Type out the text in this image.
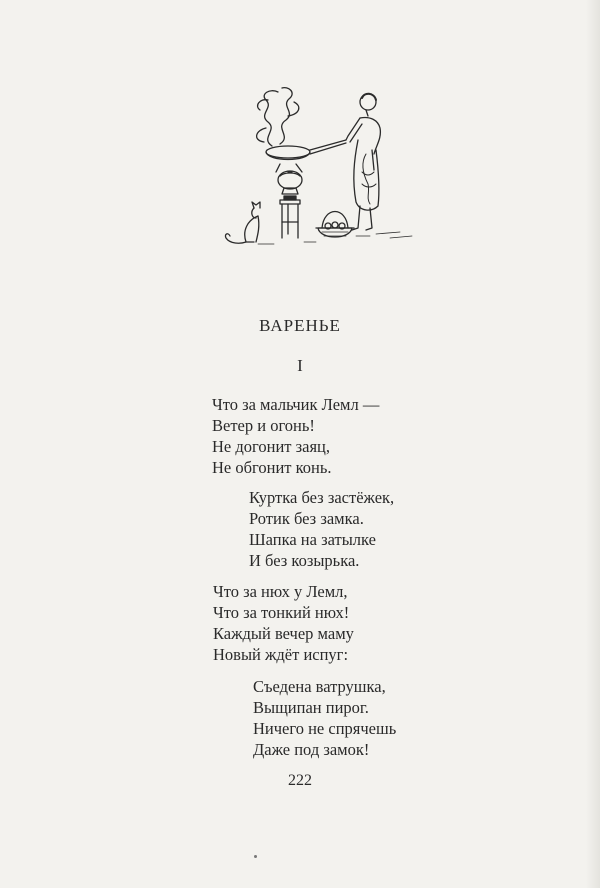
ВАРЕНЬЕ
I
Что за мальчик Лемл —
Ветер и огонь!
Не догонит заяц,
Не обгонит конь.
Куртка без застёжек,
Ротик без замка.
Шапка на затылке
И без козырька.
Что за нюх у Лемл,
Что за тонкий нюх!
Каждый вечер маму
Новый ждёт испуг:
Съедена ватрушка,
Выщипан пирог.
Ничего не спрячешь
Даже под замок!
222
